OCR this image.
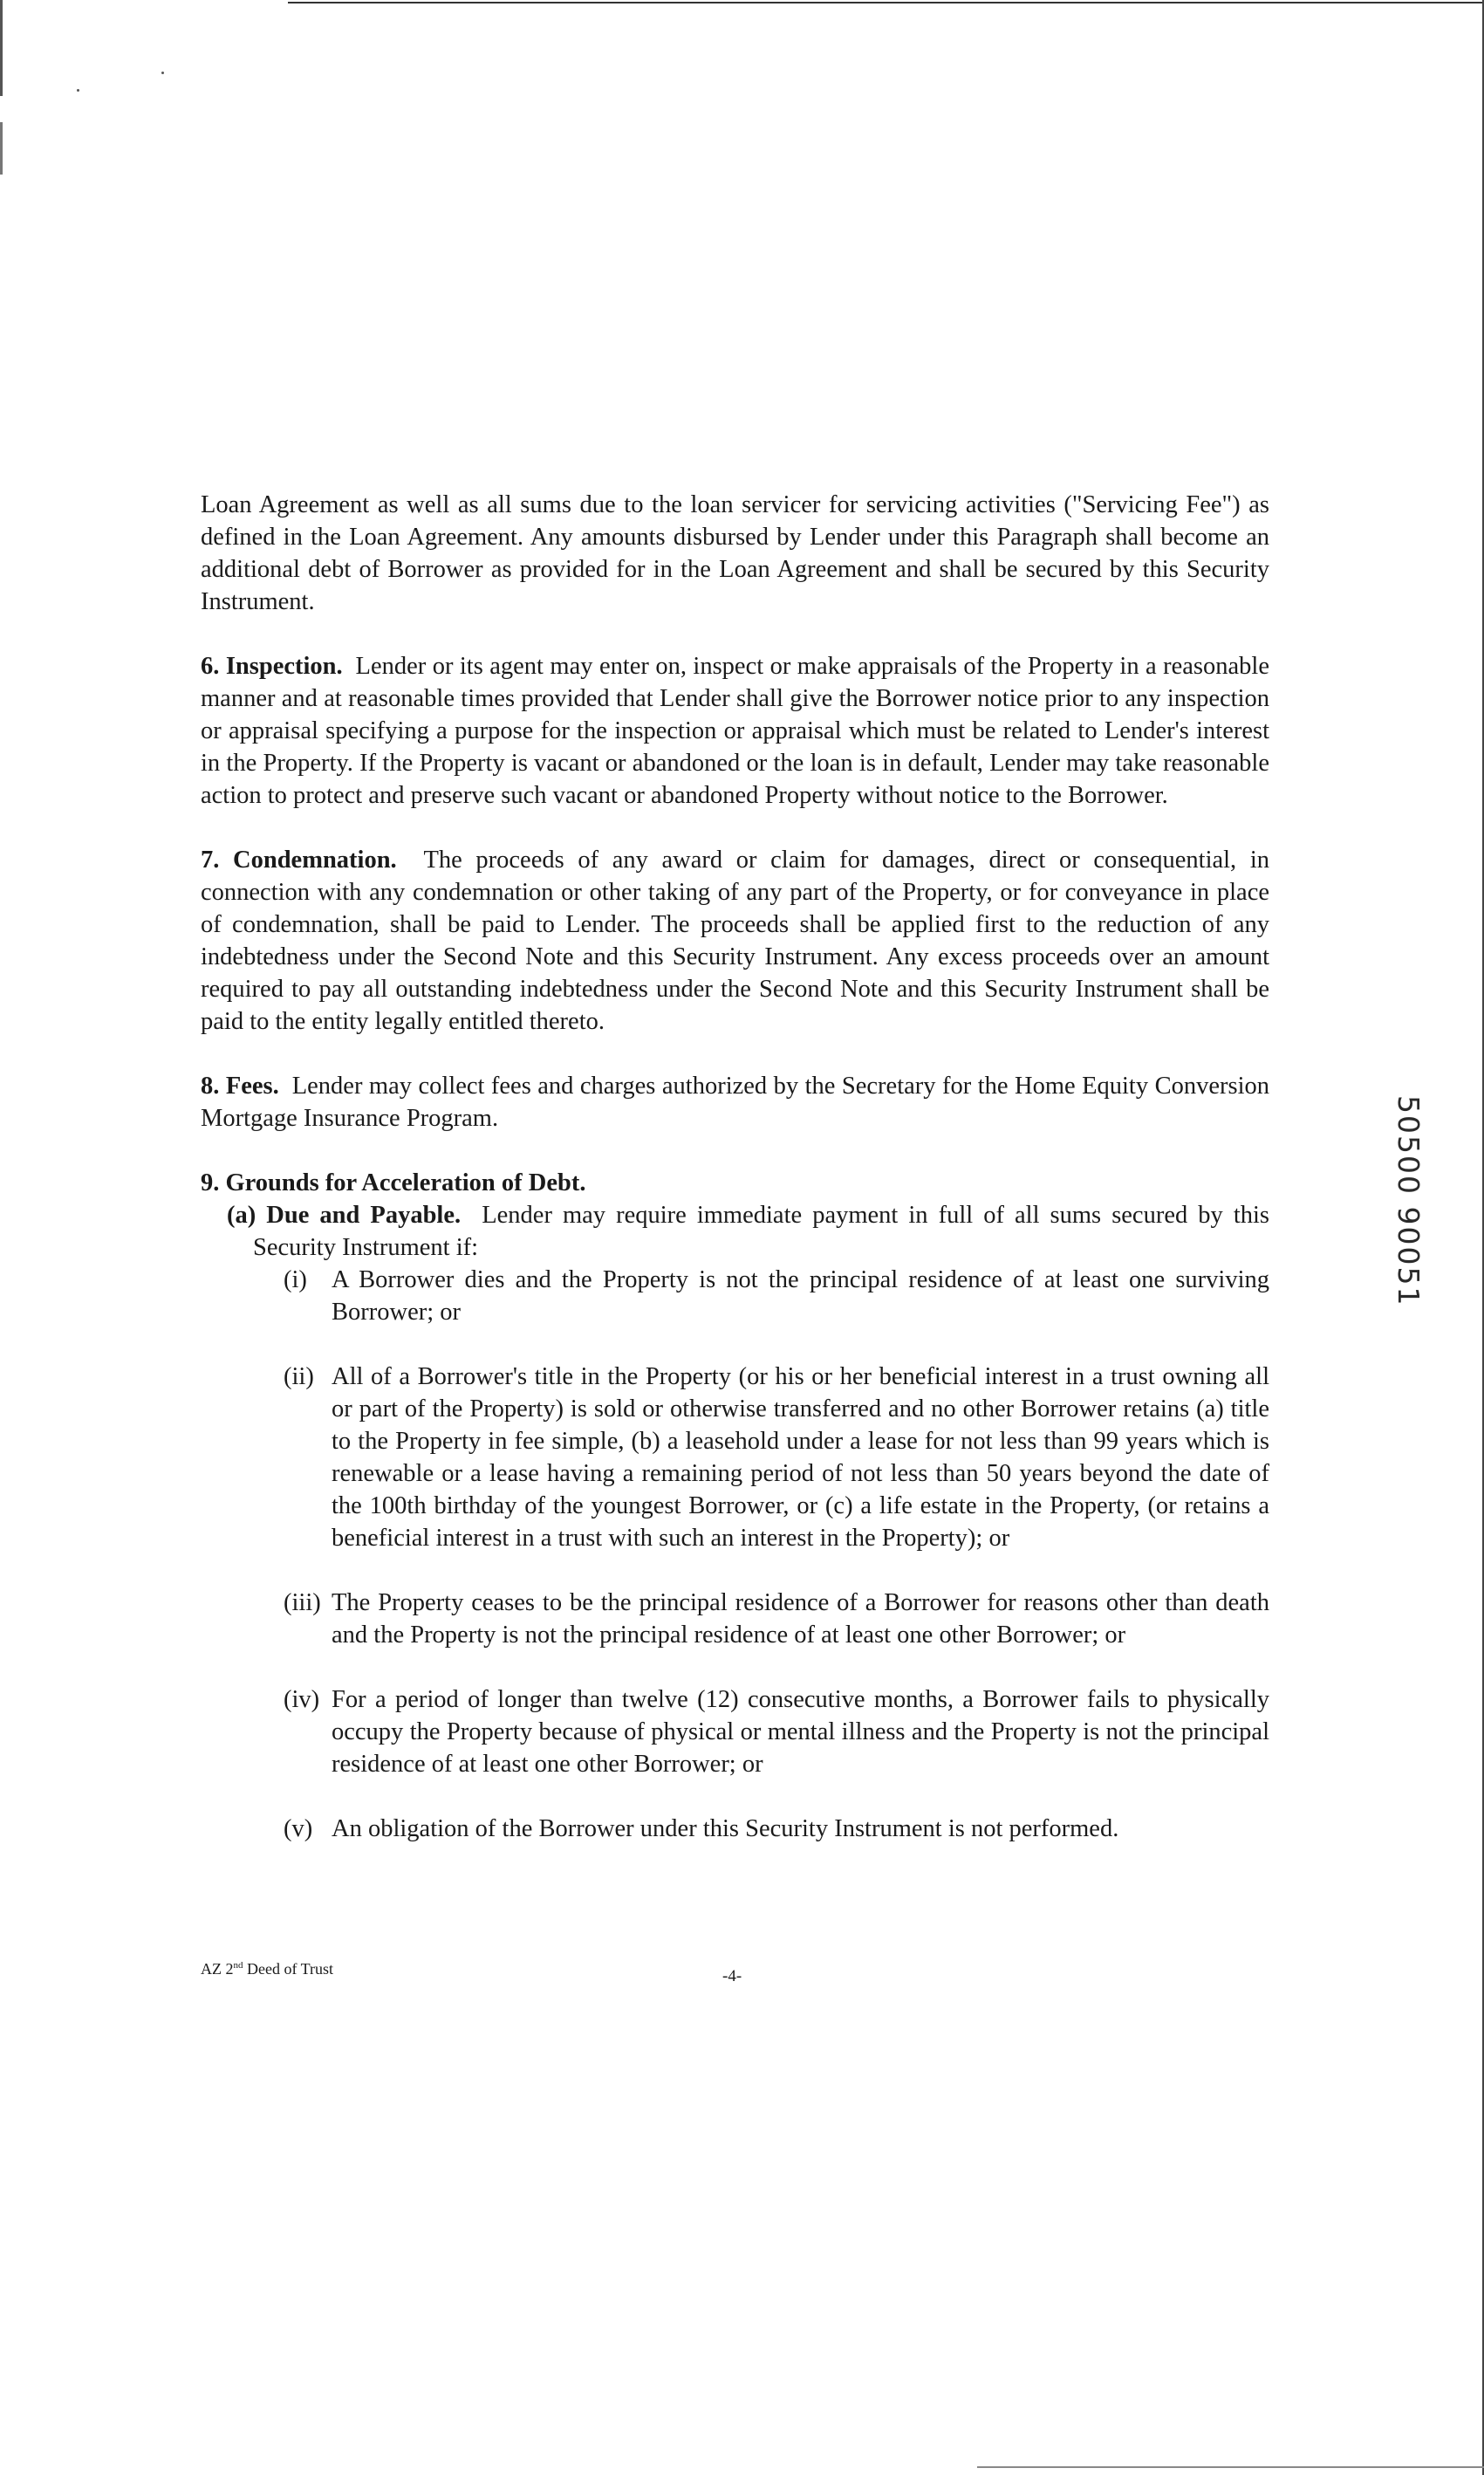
Loan Agreement as well as all sums due to the loan servicer for servicing activities ("Servicing Fee") as defined in the Loan Agreement. Any amounts disbursed by Lender under this Paragraph shall become an additional debt of Borrower as provided for in the Loan Agreement and shall be secured by this Security Instrument.

6. Inspection. Lender or its agent may enter on, inspect or make appraisals of the Property in a reasonable manner and at reasonable times provided that Lender shall give the Borrower notice prior to any inspection or appraisal specifying a purpose for the inspection or appraisal which must be related to Lender's interest in the Property. If the Property is vacant or abandoned or the loan is in default, Lender may take reasonable action to protect and preserve such vacant or abandoned Property without notice to the Borrower.

7. Condemnation. The proceeds of any award or claim for damages, direct or consequential, in connection with any condemnation or other taking of any part of the Property, or for conveyance in place of condemnation, shall be paid to Lender. The proceeds shall be applied first to the reduction of any indebtedness under the Second Note and this Security Instrument. Any excess proceeds over an amount required to pay all outstanding indebtedness under the Second Note and this Security Instrument shall be paid to the entity legally entitled thereto.

8. Fees. Lender may collect fees and charges authorized by the Secretary for the Home Equity Conversion Mortgage Insurance Program.

9. Grounds for Acceleration of Debt.
(a) Due and Payable. Lender may require immediate payment in full of all sums secured by this Security Instrument if:
(i) A Borrower dies and the Property is not the principal residence of at least one surviving Borrower; or
(ii) All of a Borrower's title in the Property (or his or her beneficial interest in a trust owning all or part of the Property) is sold or otherwise transferred and no other Borrower retains (a) title to the Property in fee simple, (b) a leasehold under a lease for not less than 99 years which is renewable or a lease having a remaining period of not less than 50 years beyond the date of the 100th birthday of the youngest Borrower, or (c) a life estate in the Property, (or retains a beneficial interest in a trust with such an interest in the Property); or
(iii) The Property ceases to be the principal residence of a Borrower for reasons other than death and the Property is not the principal residence of at least one other Borrower; or
(iv) For a period of longer than twelve (12) consecutive months, a Borrower fails to physically occupy the Property because of physical or mental illness and the Property is not the principal residence of at least one other Borrower; or
(v) An obligation of the Borrower under this Security Instrument is not performed.
AZ 2nd Deed of Trust	-4-
50500 90051
